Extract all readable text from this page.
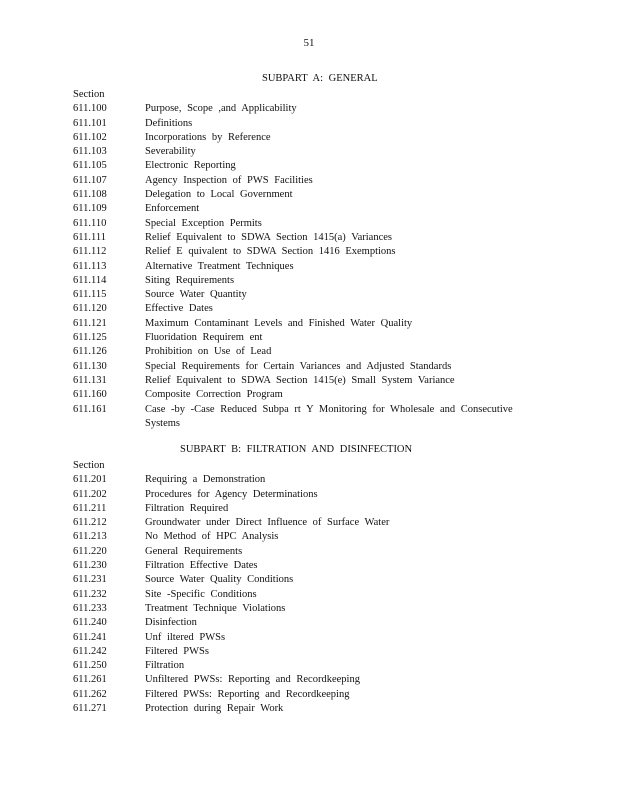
51
SUBPART A: GENERAL
Section
611.100	Purpose, Scope ,and Applicability
611.101	Definitions
611.102	Incorporations by Reference
611.103	Severability
611.105	Electronic Reporting
611.107	Agency Inspection of PWS Facilities
611.108	Delegation to Local Government
611.109	Enforcement
611.110	Special Exception Permits
611.111	Relief Equivalent to SDWA Section 1415(a) Variances
611.112	Relief E quivalent to SDWA Section 1416 Exemptions
611.113	Alternative Treatment Techniques
611.114	Siting Requirements
611.115	Source Water Quantity
611.120	Effective Dates
611.121	Maximum Contaminant Levels and Finished Water Quality
611.125	Fluoridation Requirem ent
611.126	Prohibition on Use of Lead
611.130	Special Requirements for Certain Variances and Adjusted Standards
611.131	Relief Equivalent to SDWA Section 1415(e) Small System Variance
611.160	Composite Correction Program
611.161	Case -by -Case Reduced Subpa rt Y Monitoring for Wholesale and Consecutive Systems
SUBPART B: FILTRATION AND DISINFECTION
Section
611.201	Requiring a Demonstration
611.202	Procedures for Agency Determinations
611.211	Filtration Required
611.212	Groundwater under Direct Influence of Surface Water
611.213	No Method of HPC Analysis
611.220	General Requirements
611.230	Filtration Effective Dates
611.231	Source Water Quality Conditions
611.232	Site -Specific Conditions
611.233	Treatment Technique Violations
611.240	Disinfection
611.241	Unf iltered PWSs
611.242	Filtered PWSs
611.250	Filtration
611.261	Unfiltered PWSs: Reporting and Recordkeeping
611.262	Filtered PWSs: Reporting and Recordkeeping
611.271	Protection during Repair Work
